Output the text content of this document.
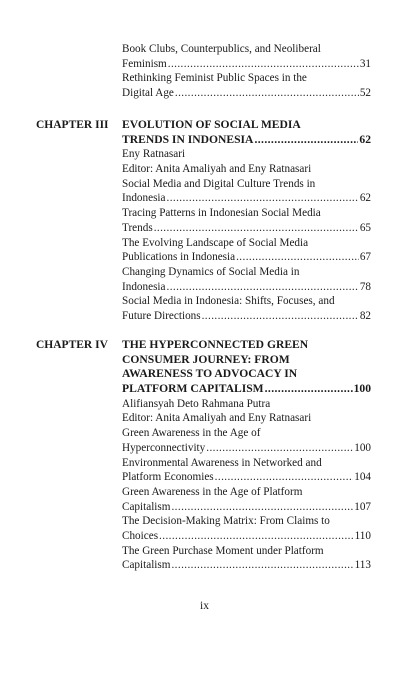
Book Clubs, Counterpublics, and Neoliberal
Feminism .....	31
Rethinking Feminist Public Spaces in the
Digital Age .....	52
CHAPTER III EVOLUTION OF SOCIAL MEDIA
TRENDS IN INDONESIA .....	62
Eny Ratnasari
Editor: Anita Amaliyah and Eny Ratnasari
Social Media and Digital Culture Trends in
Indonesia .....	62
Tracing Patterns in Indonesian Social Media
Trends .....	65
The Evolving Landscape of Social Media
Publications in Indonesia .....	67
Changing Dynamics of Social Media in
Indonesia .....	78
Social Media in Indonesia: Shifts, Focuses, and
Future Directions .....	82
CHAPTER IV THE HYPERCONNECTED GREEN
CONSUMER JOURNEY: FROM
AWARENESS TO ADVOCACY IN
PLATFORM CAPITALISM .....	100
Alifiansyah Deto Rahmana Putra
Editor: Anita Amaliyah and Eny Ratnasari
Green Awareness in the Age of
Hyperconnectivity .....	100
Environmental Awareness in Networked and
Platform Economies .....	104
Green Awareness in the Age of Platform
Capitalism .....	107
The Decision-Making Matrix: From Claims to
Choices .....	110
The Green Purchase Moment under Platform
Capitalism .....	113
ix
